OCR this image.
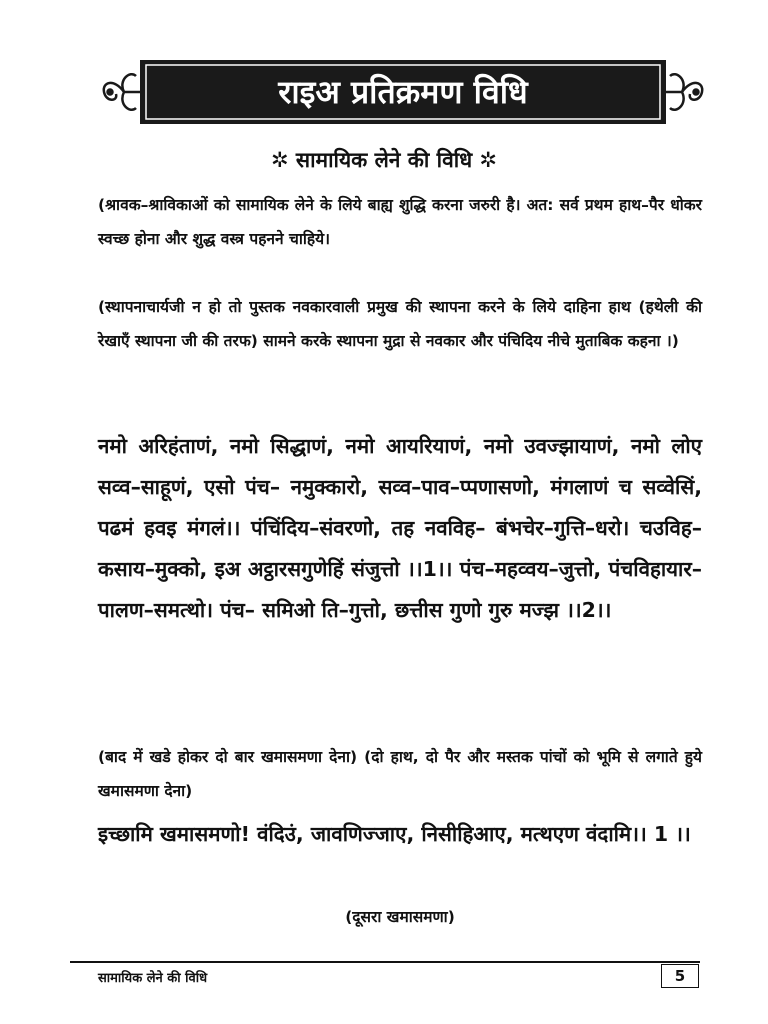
राइअ प्रतिक्रमण विधि
✲ सामायिक लेने की विधि ✲

(श्रावक–श्राविकाओं को सामायिक लेने के लिये बाह्य शुद्धि करना जरुरी है। अत: सर्व प्रथम हाथ–पैर धोकर स्वच्छ होना और शुद्ध वस्त्र पहनने चाहिये।

(स्थापनाचार्यजी न हो तो पुस्तक नवकारवाली प्रमुख की स्थापना करने के लिये दाहिना हाथ (हथेली की रेखाएँ स्थापना जी की तरफ) सामने करके स्थापना मुद्रा से नवकार और पंचिदिय नीचे मुताबिक कहना ।)

नमो अरिहंताणं, नमो सिद्धाणं, नमो आयरियाणं, नमो उवज्झायाणं, नमो लोए सव्व–साहूणं, एसो पंच– नमुक्कारो, सव्व–पाव–प्पणासणो, मंगलाणं च सव्वेसिं, पढमं हवइ मंगलं।। पंचिंदिय–संवरणो, तह नवविह– बंभचेर–गुत्ति–धरो। चउविह–कसाय–मुक्को, इअ अट्ठारसगुणेहिं संजुत्तो ।।1।। पंच–महव्वय–जुत्तो, पंचविहायार–पालण–समत्थो। पंच– समिओ ति–गुत्तो, छत्तीस गुणो गुरु मज्झ ।।2।।

(बाद में खडे होकर दो बार खमासमणा देना) (दो हाथ, दो पैर और मस्तक पांचों को भूमि से लगाते हुये खमासमणा देना)

इच्छामि खमासमणो! वंदिउं, जावणिज्जाए, निसीहिआए, मत्थएण वंदामि।। 1 ।।

(दूसरा खमासमणा)

सामायिक लेने की विधि	5
